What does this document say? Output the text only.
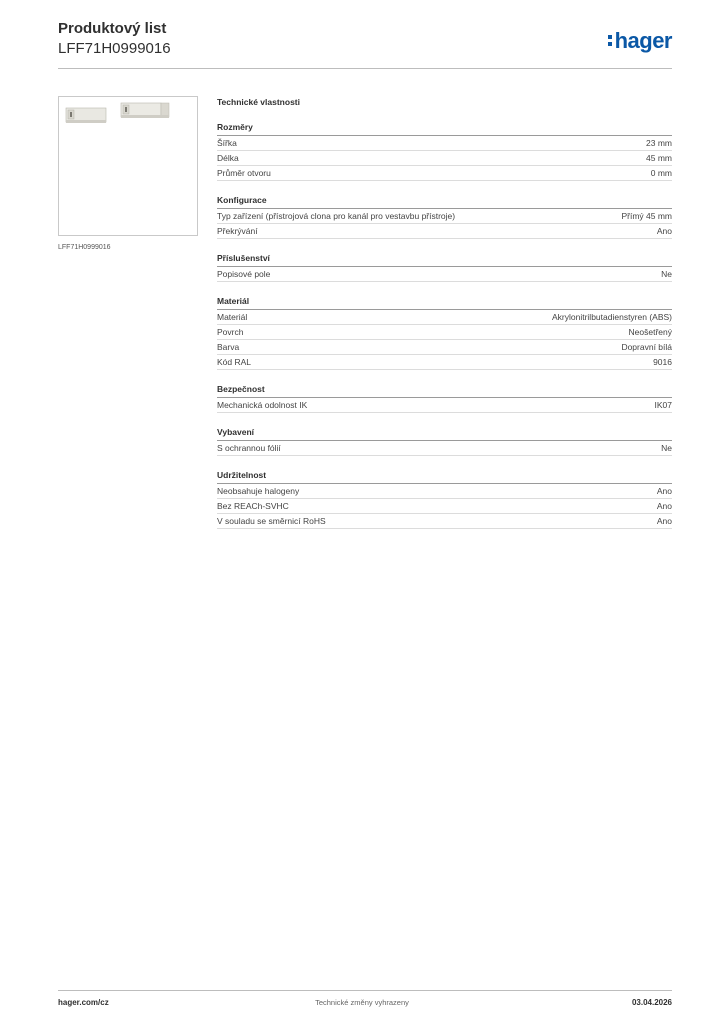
Produktový list
LFF71H0999016	hager
LFF71H0999016
Technické vlastnosti
Rozměry
Šířka	23 mm
Délka	45 mm
Průměr otvoru	0 mm
Konfigurace
Typ zařízení (přístrojová clona pro kanál pro vestavbu přístroje)	Přímý 45 mm
Překrývání	Ano
Příslušenství
Popisové pole	Ne
Materiál
Materiál	Akrylonitrilbutadienstyren (ABS)
Povrch	Neošetřený
Barva	Dopravní bílá
Kód RAL	9016
Bezpečnost
Mechanická odolnost IK	IK07
Vybavení
S ochrannou fólií	Ne
Udržitelnost
Neobsahuje halogeny	Ano
Bez REACh-SVHC	Ano
V souladu se směrnicí RoHS	Ano
hager.com/cz	Technické změny vyhrazeny	03.04.2026
